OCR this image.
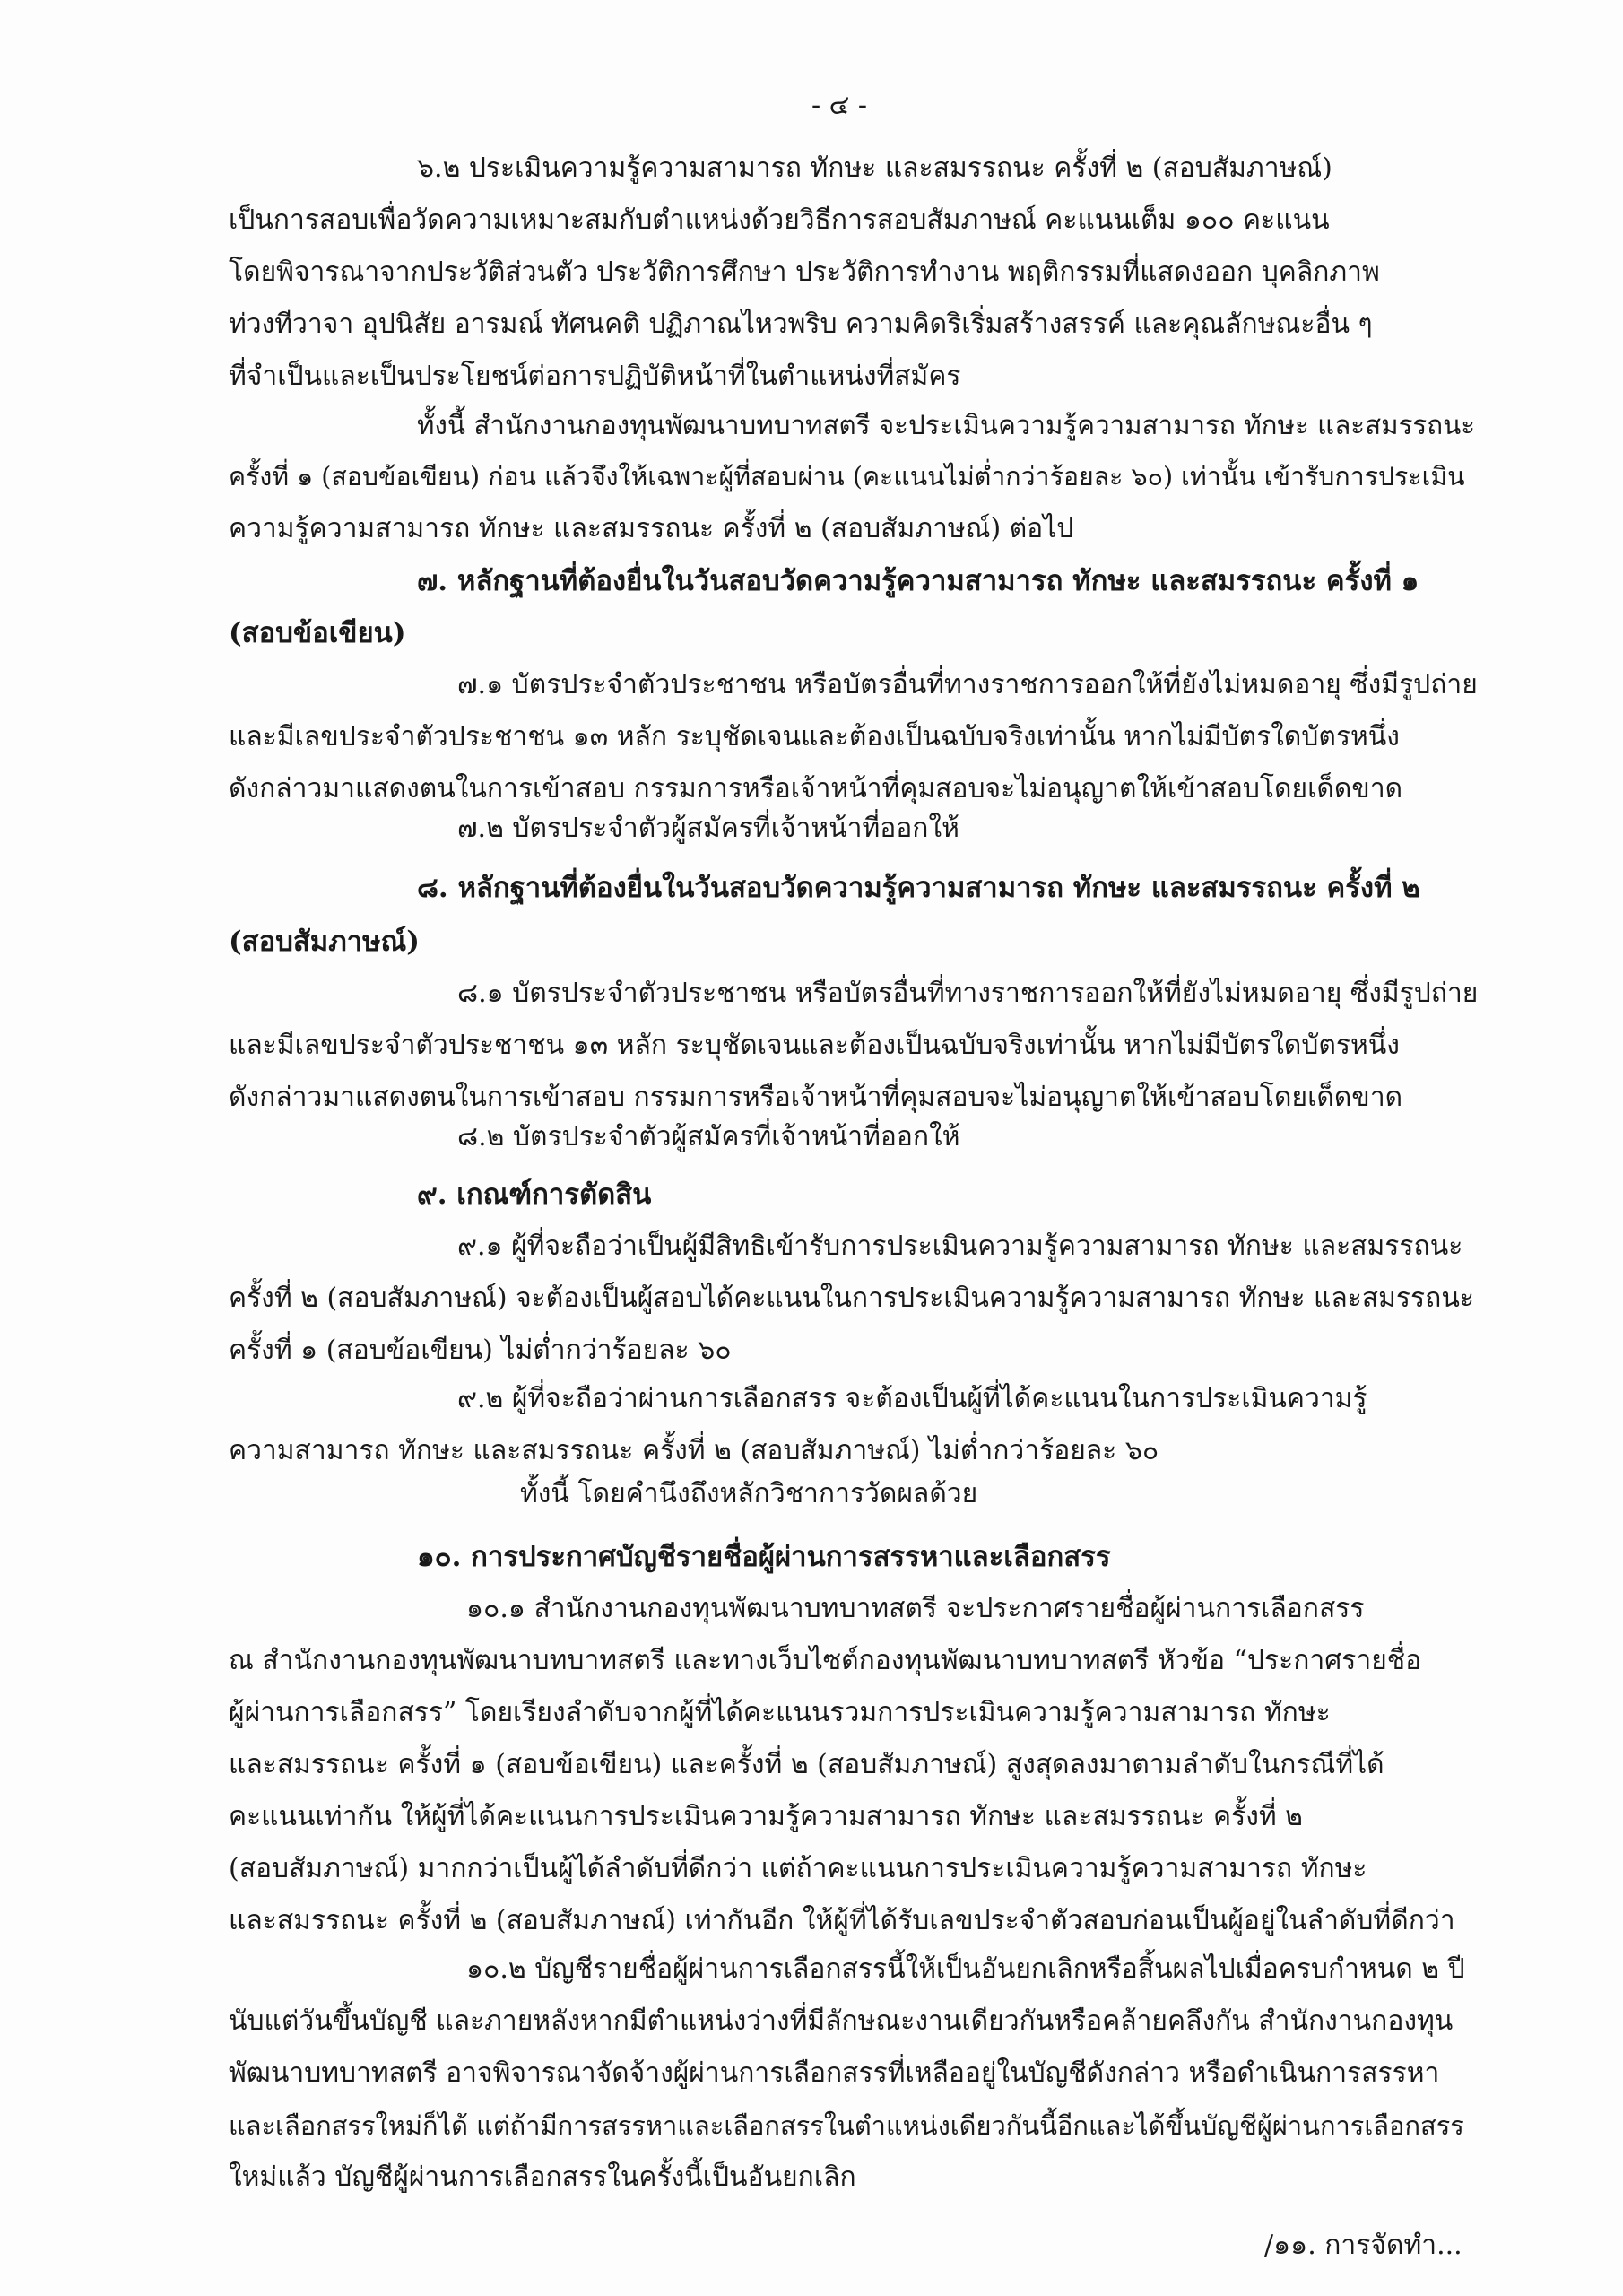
- ๔ -

๖.๒ ประเมินความรู้ความสามารถ ทักษะ และสมรรถนะ ครั้งที่ ๒ (สอบสัมภาษณ์)

เป็นการสอบเพื่อวัดความเหมาะสมกับตำแหน่งด้วยวิธีการสอบสัมภาษณ์ คะแนนเต็ม ๑๐๐ คะแนน

โดยพิจารณาจากประวัติส่วนตัว ประวัติการศึกษา ประวัติการทำงาน พฤติกรรมที่แสดงออก บุคลิกภาพ

ท่วงทีวาจา อุปนิสัย อารมณ์ ทัศนคติ ปฏิภาณไหวพริบ ความคิดริเริ่มสร้างสรรค์ และคุณลักษณะอื่น ๆ

ที่จำเป็นและเป็นประโยชน์ต่อการปฏิบัติหน้าที่ในตำแหน่งที่สมัคร

ทั้งนี้ สำนักงานกองทุนพัฒนาบทบาทสตรี จะประเมินความรู้ความสามารถ ทักษะ และสมรรถนะ

ครั้งที่ ๑ (สอบข้อเขียน) ก่อน แล้วจึงให้เฉพาะผู้ที่สอบผ่าน (คะแนนไม่ต่ำกว่าร้อยละ ๖๐) เท่านั้น เข้ารับการประเมิน

ความรู้ความสามารถ ทักษะ และสมรรถนะ ครั้งที่ ๒ (สอบสัมภาษณ์) ต่อไป

๗. หลักฐานที่ต้องยื่นในวันสอบวัดความรู้ความสามารถ ทักษะ และสมรรถนะ ครั้งที่ ๑

(สอบข้อเขียน)

๗.๑ บัตรประจำตัวประชาชน หรือบัตรอื่นที่ทางราชการออกให้ที่ยังไม่หมดอายุ ซึ่งมีรูปถ่าย

และมีเลขประจำตัวประชาชน ๑๓ หลัก ระบุชัดเจนและต้องเป็นฉบับจริงเท่านั้น หากไม่มีบัตรใดบัตรหนึ่ง

ดังกล่าวมาแสดงตนในการเข้าสอบ กรรมการหรือเจ้าหน้าที่คุมสอบจะไม่อนุญาตให้เข้าสอบโดยเด็ดขาด

๗.๒ บัตรประจำตัวผู้สมัครที่เจ้าหน้าที่ออกให้

๘. หลักฐานที่ต้องยื่นในวันสอบวัดความรู้ความสามารถ ทักษะ และสมรรถนะ ครั้งที่ ๒

(สอบสัมภาษณ์)

๘.๑ บัตรประจำตัวประชาชน หรือบัตรอื่นที่ทางราชการออกให้ที่ยังไม่หมดอายุ ซึ่งมีรูปถ่าย

และมีเลขประจำตัวประชาชน ๑๓ หลัก ระบุชัดเจนและต้องเป็นฉบับจริงเท่านั้น หากไม่มีบัตรใดบัตรหนึ่ง

ดังกล่าวมาแสดงตนในการเข้าสอบ กรรมการหรือเจ้าหน้าที่คุมสอบจะไม่อนุญาตให้เข้าสอบโดยเด็ดขาด

๘.๒ บัตรประจำตัวผู้สมัครที่เจ้าหน้าที่ออกให้

๙. เกณฑ์การตัดสิน

๙.๑ ผู้ที่จะถือว่าเป็นผู้มีสิทธิเข้ารับการประเมินความรู้ความสามารถ ทักษะ และสมรรถนะ

ครั้งที่ ๒ (สอบสัมภาษณ์) จะต้องเป็นผู้สอบได้คะแนนในการประเมินความรู้ความสามารถ ทักษะ และสมรรถนะ

ครั้งที่ ๑ (สอบข้อเขียน) ไม่ต่ำกว่าร้อยละ ๖๐

๙.๒ ผู้ที่จะถือว่าผ่านการเลือกสรร จะต้องเป็นผู้ที่ได้คะแนนในการประเมินความรู้

ความสามารถ ทักษะ และสมรรถนะ ครั้งที่ ๒ (สอบสัมภาษณ์) ไม่ต่ำกว่าร้อยละ ๖๐

ทั้งนี้ โดยคำนึงถึงหลักวิชาการวัดผลด้วย

๑๐. การประกาศบัญชีรายชื่อผู้ผ่านการสรรหาและเลือกสรร

๑๐.๑ สำนักงานกองทุนพัฒนาบทบาทสตรี จะประกาศรายชื่อผู้ผ่านการเลือกสรร

ณ สำนักงานกองทุนพัฒนาบทบาทสตรี และทางเว็บไซต์กองทุนพัฒนาบทบาทสตรี หัวข้อ “ประกาศรายชื่อ

ผู้ผ่านการเลือกสรร” โดยเรียงลำดับจากผู้ที่ได้คะแนนรวมการประเมินความรู้ความสามารถ ทักษะ

และสมรรถนะ ครั้งที่ ๑ (สอบข้อเขียน) และครั้งที่ ๒ (สอบสัมภาษณ์) สูงสุดลงมาตามลำดับในกรณีที่ได้

คะแนนเท่ากัน ให้ผู้ที่ได้คะแนนการประเมินความรู้ความสามารถ ทักษะ และสมรรถนะ ครั้งที่ ๒

(สอบสัมภาษณ์) มากกว่าเป็นผู้ได้ลำดับที่ดีกว่า แต่ถ้าคะแนนการประเมินความรู้ความสามารถ ทักษะ

และสมรรถนะ ครั้งที่ ๒ (สอบสัมภาษณ์) เท่ากันอีก ให้ผู้ที่ได้รับเลขประจำตัวสอบก่อนเป็นผู้อยู่ในลำดับที่ดีกว่า

๑๐.๒ บัญชีรายชื่อผู้ผ่านการเลือกสรรนี้ให้เป็นอันยกเลิกหรือสิ้นผลไปเมื่อครบกำหนด ๒ ปี

นับแต่วันขึ้นบัญชี และภายหลังหากมีตำแหน่งว่างที่มีลักษณะงานเดียวกันหรือคล้ายคลึงกัน สำนักงานกองทุน

พัฒนาบทบาทสตรี อาจพิจารณาจัดจ้างผู้ผ่านการเลือกสรรที่เหลืออยู่ในบัญชีดังกล่าว หรือดำเนินการสรรหา

และเลือกสรรใหม่ก็ได้ แต่ถ้ามีการสรรหาและเลือกสรรในตำแหน่งเดียวกันนี้อีกและได้ขึ้นบัญชีผู้ผ่านการเลือกสรร

ใหม่แล้ว บัญชีผู้ผ่านการเลือกสรรในครั้งนี้เป็นอันยกเลิก

/๑๑. การจัดทำ...
